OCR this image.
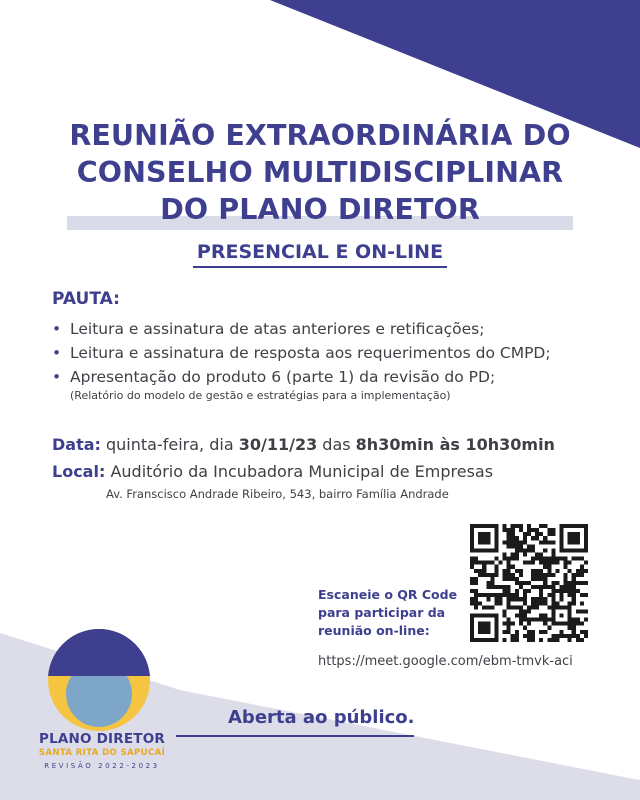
REUNIÃO EXTRAORDINÁRIA DO
CONSELHO MULTIDISCIPLINAR
DO PLANO DIRETOR

PRESENCIAL E ON-LINE

PAUTA:

• Leitura e assinatura de atas anteriores e retificações;
• Leitura e assinatura de resposta aos requerimentos do CMPD;
• Apresentação do produto 6 (parte 1) da revisão do PD;
(Relatório do modelo de gestão e estratégias para a implementação)

Data: quinta-feira, dia 30/11/23 das 8h30min às 10h30min

Local: Auditório da Incubadora Municipal de Empresas

Av. Franscisco Andrade Ribeiro, 543, bairro Família Andrade

Escaneie o QR Code
para participar da
reunião on-line:

https://meet.google.com/ebm-tmvk-aci

Aberta ao público.

PLANO DIRETOR

SANTA RITA DO SAPUCAÍ

REVISÃO 2022-2023
